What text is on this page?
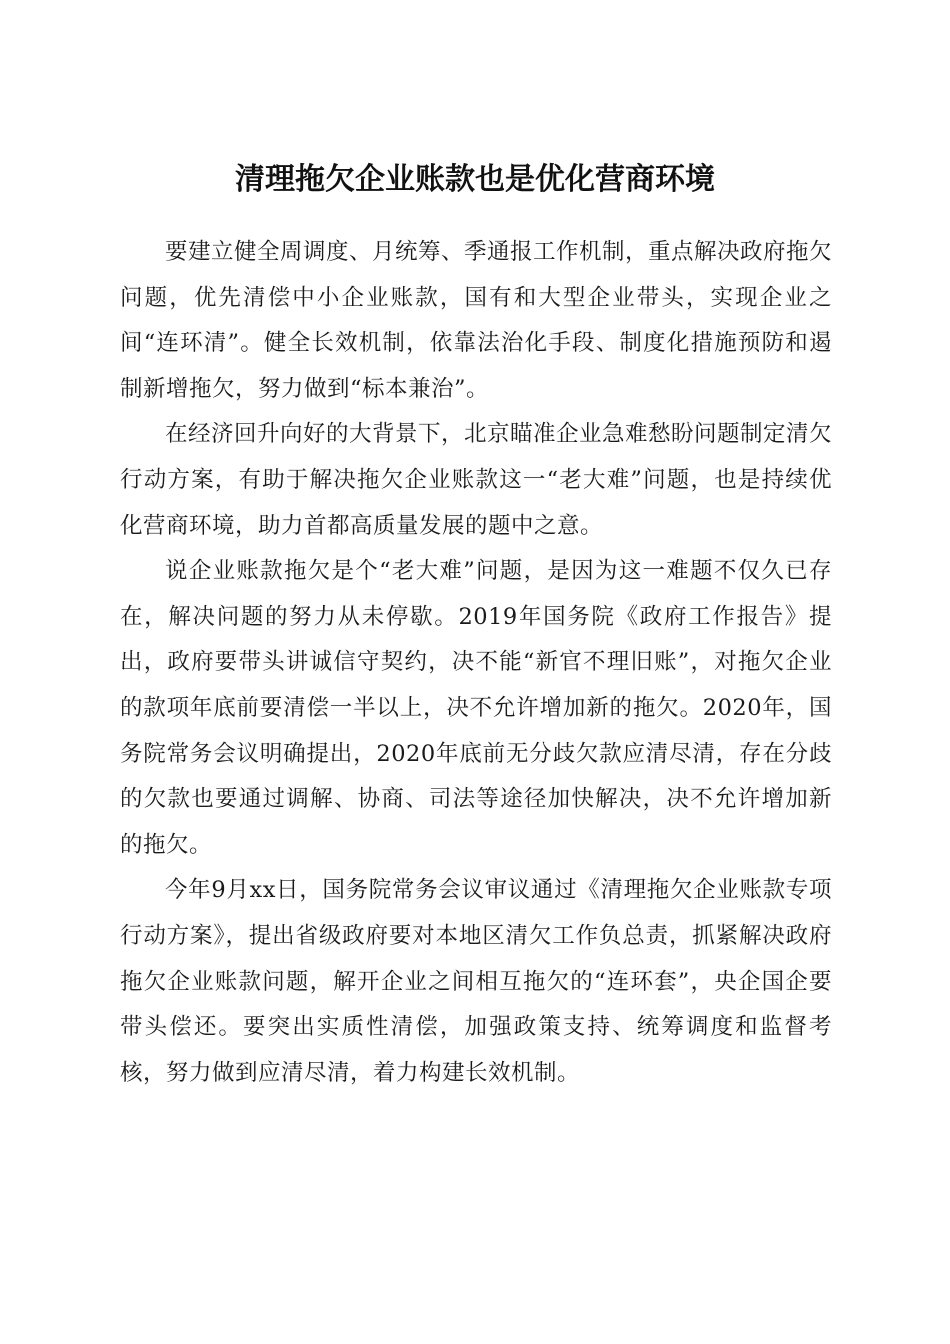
清理拖欠企业账款也是优化营商环境

要建立健全周调度、月统筹、季通报工作机制，重点解决政府拖欠问题，优先清偿中小企业账款，国有和大型企业带头，实现企业之间“连环清”。健全长效机制，依靠法治化手段、制度化措施预防和遏制新增拖欠，努力做到“标本兼治”。

在经济回升向好的大背景下，北京瞄准企业急难愁盼问题制定清欠行动方案，有助于解决拖欠企业账款这一“老大难”问题，也是持续优化营商环境，助力首都高质量发展的题中之意。

说企业账款拖欠是个“老大难”问题，是因为这一难题不仅久已存在，解决问题的努力从未停歇。2019年国务院《政府工作报告》提出，政府要带头讲诚信守契约，决不能“新官不理旧账”，对拖欠企业的款项年底前要清偿一半以上，决不允许增加新的拖欠。2020年，国务院常务会议明确提出，2020年底前无分歧欠款应清尽清，存在分歧的欠款也要通过调解、协商、司法等途径加快解决，决不允许增加新的拖欠。

今年9月xx日，国务院常务会议审议通过《清理拖欠企业账款专项行动方案》，提出省级政府要对本地区清欠工作负总责，抓紧解决政府拖欠企业账款问题，解开企业之间相互拖欠的“连环套”，央企国企要带头偿还。要突出实质性清偿，加强政策支持、统筹调度和监督考核，努力做到应清尽清，着力构建长效机制。
